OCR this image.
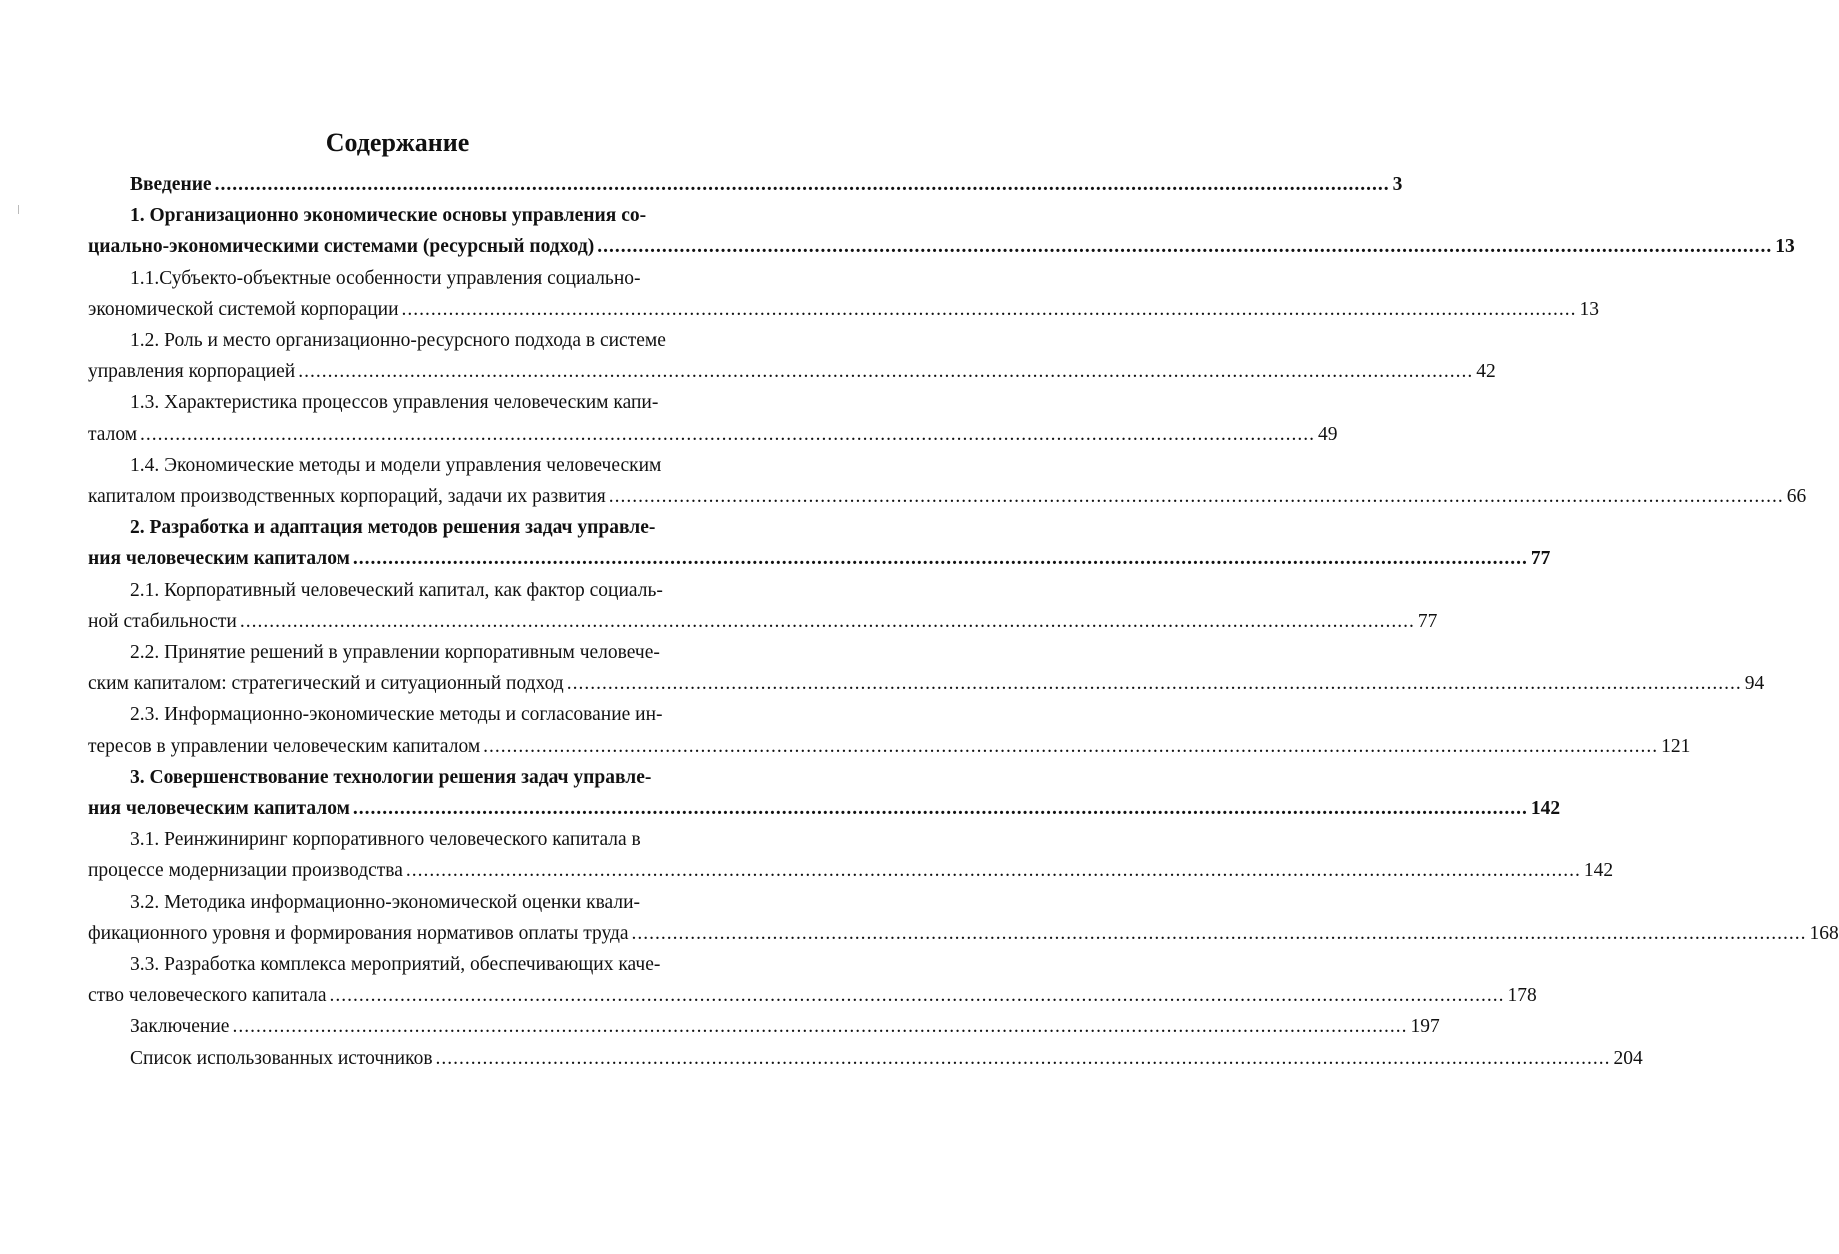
Содержание
Введение ........................................................................................................................................................................................................ 3
1. Организационно экономические основы управления со-
циально-экономическими системами (ресурсный подход) ........................................................................................................................................................................................................ 13
1.1.Субъекто-объектные особенности управления социально-
экономической системой корпорации ........................................................................................................................................................................................................ 13
1.2. Роль и место организационно-ресурсного подхода в системе
управления корпорацией ........................................................................................................................................................................................................ 42
1.3. Характеристика процессов управления человеческим капи-
талом ........................................................................................................................................................................................................ 49
1.4. Экономические методы и модели управления человеческим
капиталом производственных корпораций, задачи их развития ........................................................................................................................................................................................................ 66
2. Разработка и адаптация методов решения задач управле-
ния человеческим капиталом ........................................................................................................................................................................................................ 77
2.1. Корпоративный человеческий капитал, как фактор социаль-
ной стабильности ........................................................................................................................................................................................................ 77
2.2. Принятие решений в управлении корпоративным человече-
ским капиталом: стратегический и ситуационный подход ........................................................................................................................................................................................................ 94
2.3. Информационно-экономические методы и согласование ин-
тересов в управлении человеческим капиталом ........................................................................................................................................................................................................ 121
3. Совершенствование технологии решения задач управле-
ния человеческим капиталом ........................................................................................................................................................................................................ 142
3.1. Реинжиниринг корпоративного человеческого капитала в
процессе модернизации производства ........................................................................................................................................................................................................ 142
3.2. Методика информационно-экономической оценки квали-
фикационного уровня и формирования нормативов оплаты труда ........................................................................................................................................................................................................ 168
3.3. Разработка комплекса мероприятий, обеспечивающих каче-
ство человеческого капитала ........................................................................................................................................................................................................ 178
Заключение ........................................................................................................................................................................................................ 197
Список использованных источников ........................................................................................................................................................................................................ 204
